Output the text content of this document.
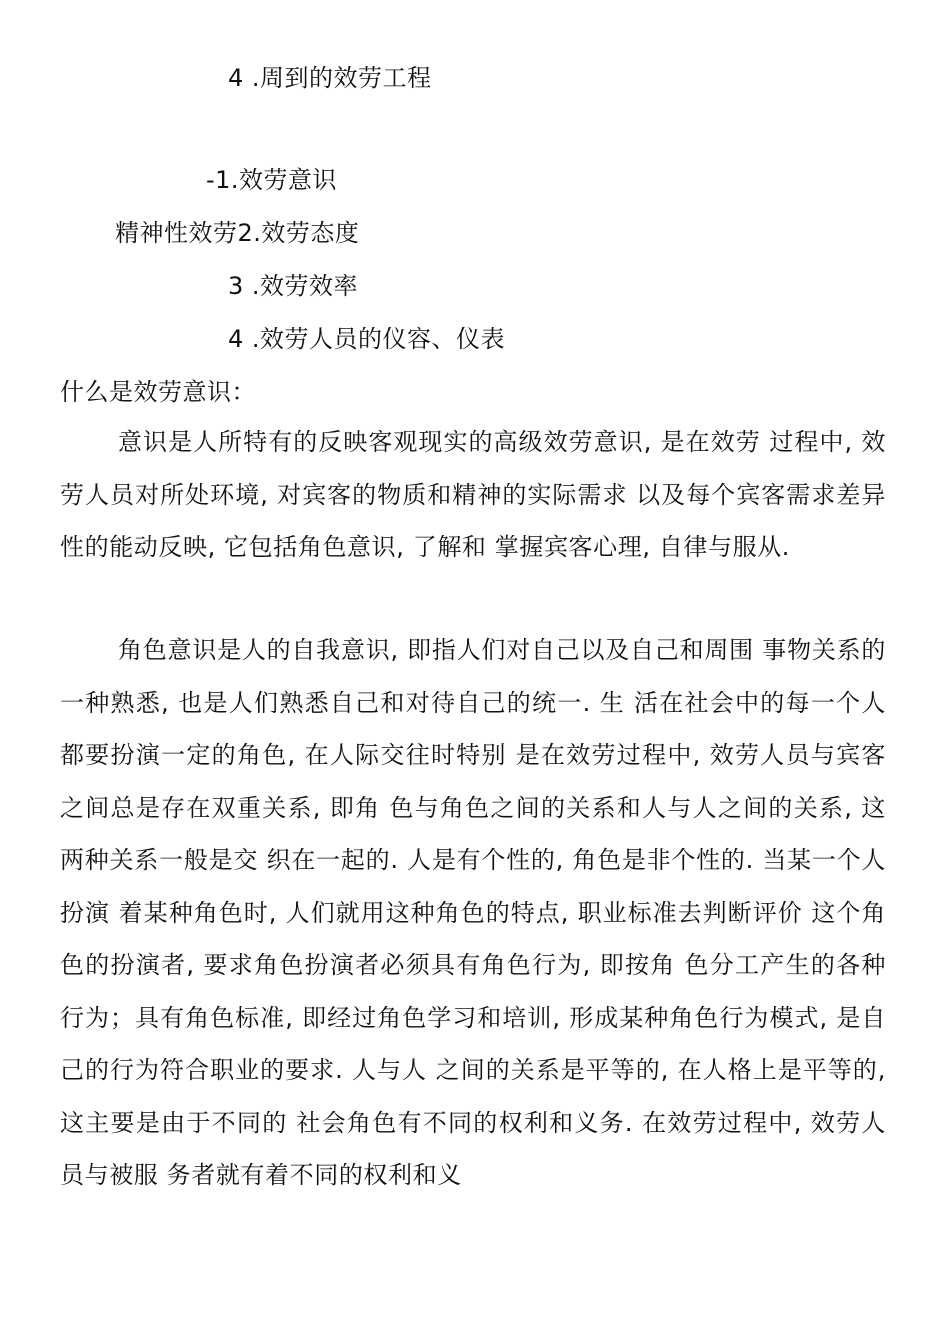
4 .周到的效劳工程
-1.效劳意识
精神性效劳2.效劳态度
3 .效劳效率
4 .效劳人员的仪容、仪表
什么是效劳意识：

意识是人所特有的反映客观现实的高级效劳意识, 是在效劳 过程中, 效劳人员对所处环境, 对宾客的物质和精神的实际需求 以及每个宾客需求差异性的能动反映, 它包括角色意识, 了解和 掌握宾客心理, 自律与服从.

角色意识是人的自我意识, 即指人们对自己以及自己和周围 事物关系的一种熟悉, 也是人们熟悉自己和对待自己的统一. 生 活在社会中的每一个人都要扮演一定的角色, 在人际交往时特别 是在效劳过程中, 效劳人员与宾客之间总是存在双重关系, 即角 色与角色之间的关系和人与人之间的关系, 这两种关系一般是交 织在一起的. 人是有个性的, 角色是非个性的. 当某一个人扮演 着某种角色时, 人们就用这种角色的特点, 职业标准去判断评价 这个角色的扮演者, 要求角色扮演者必须具有角色行为, 即按角 色分工产生的各种行为；具有角色标准, 即经过角色学习和培训, 形成某种角色行为模式, 是自己的行为符合职业的要求. 人与人 之间的关系是平等的, 在人格上是平等的, 这主要是由于不同的 社会角色有不同的权利和义务. 在效劳过程中, 效劳人员与被服 务者就有着不同的权利和义
